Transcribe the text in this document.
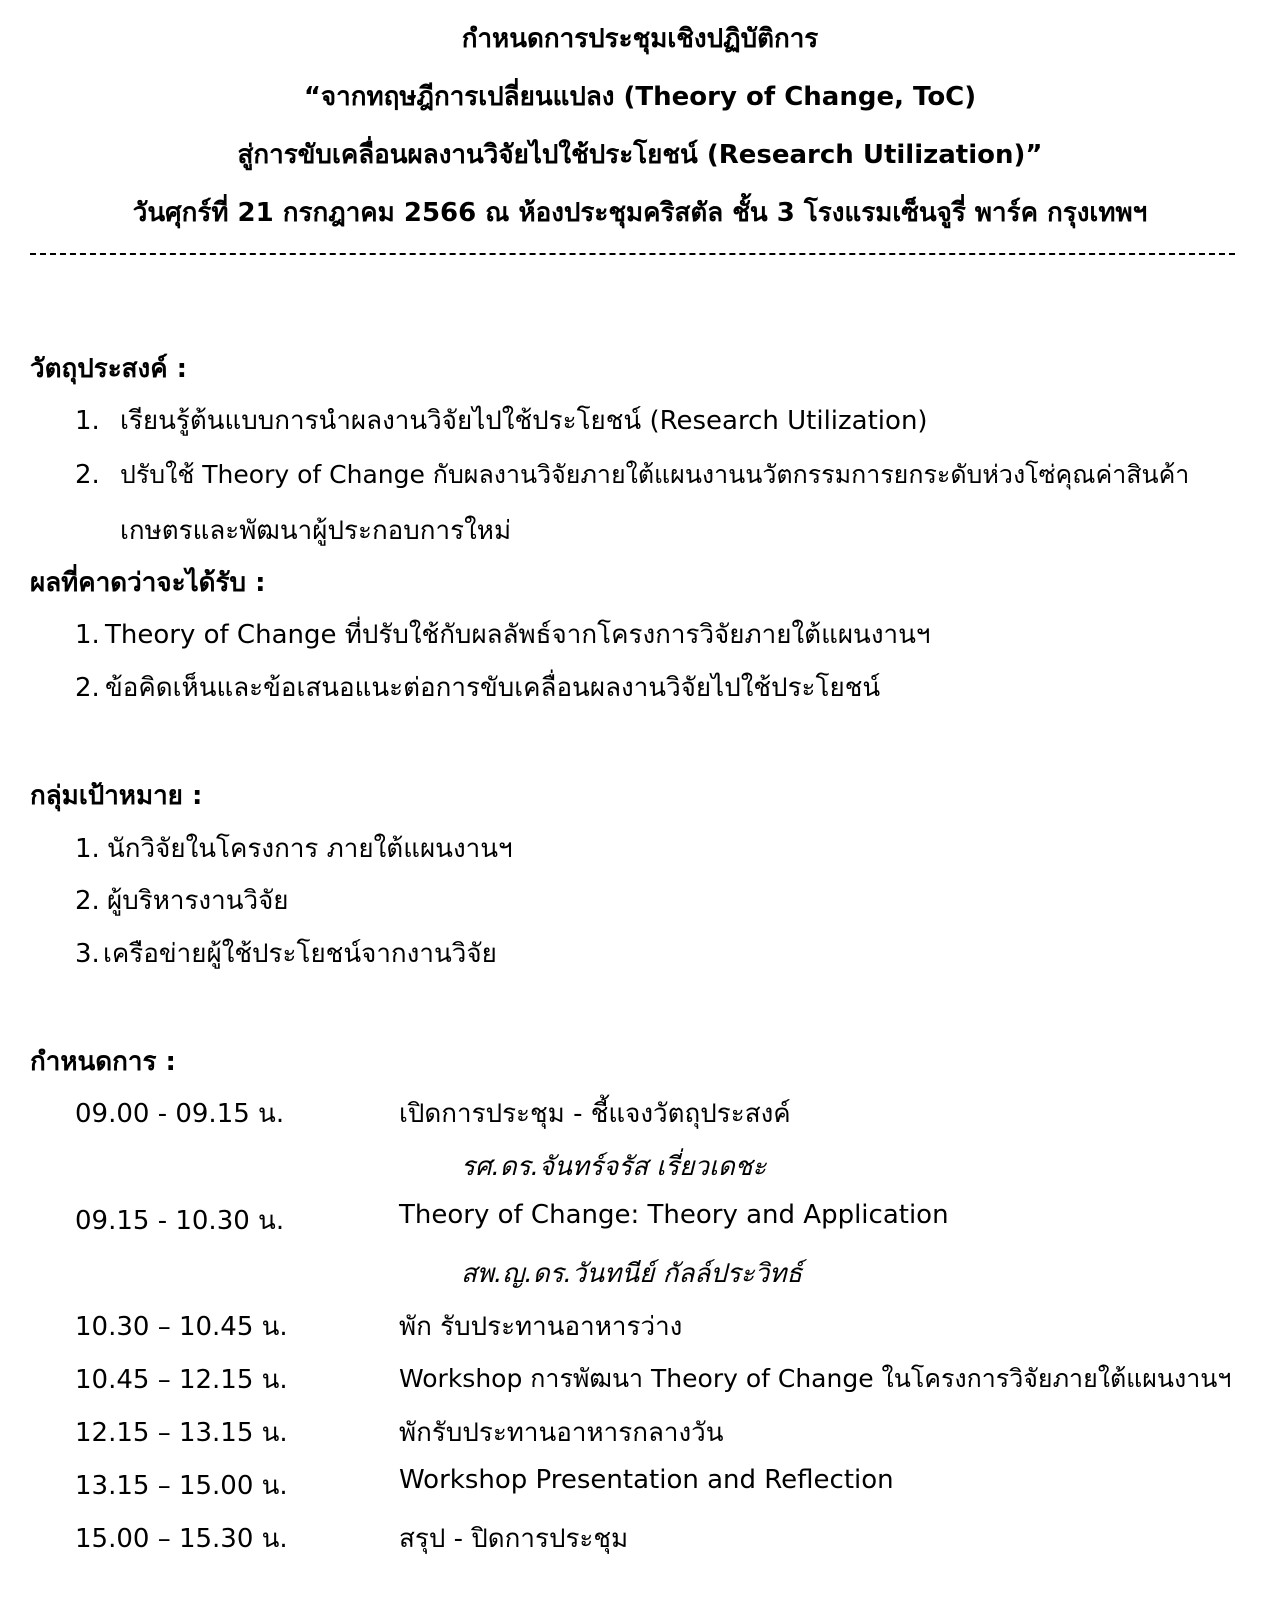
กำหนดการประชุมเชิงปฏิบัติการ
“จากทฤษฎีการเปลี่ยนแปลง (Theory of Change, ToC)
สู่การขับเคลื่อนผลงานวิจัยไปใช้ประโยชน์ (Research Utilization)”
วันศุกร์ที่ 21 กรกฎาคม 2566 ณ ห้องประชุมคริสตัล ชั้น 3 โรงแรมเซ็นจูรี่ พาร์ค กรุงเทพฯ
วัตถุประสงค์ :
1. เรียนรู้ต้นแบบการนำผลงานวิจัยไปใช้ประโยชน์ (Research Utilization)
2. ปรับใช้ Theory of Change กับผลงานวิจัยภายใต้แผนงานนวัตกรรมการยกระดับห่วงโซ่คุณค่าสินค้า
เกษตรและพัฒนาผู้ประกอบการใหม่
ผลที่คาดว่าจะได้รับ :
1. Theory of Change ที่ปรับใช้กับผลลัพธ์จากโครงการวิจัยภายใต้แผนงานฯ
2. ข้อคิดเห็นและข้อเสนอแนะต่อการขับเคลื่อนผลงานวิจัยไปใช้ประโยชน์
กลุ่มเป้าหมาย :
1. นักวิจัยในโครงการ ภายใต้แผนงานฯ
2. ผู้บริหารงานวิจัย
3. เครือข่ายผู้ใช้ประโยชน์จากงานวิจัย
กำหนดการ :
09.00 - 09.15 น.	เปิดการประชุม - ชี้แจงวัตถุประสงค์
รศ.ดร.จันทร์จรัส เรี่ยวเดชะ
09.15 - 10.30 น.	Theory of Change: Theory and Application
สพ.ญ.ดร.วันทนีย์ กัลล์ประวิทธ์
10.30 – 10.45 น.	พัก รับประทานอาหารว่าง
10.45 – 12.15 น.	Workshop การพัฒนา Theory of Change ในโครงการวิจัยภายใต้แผนงานฯ
12.15 – 13.15 น.	พักรับประทานอาหารกลางวัน
13.15 – 15.00 น.	Workshop Presentation and Reflection
15.00 – 15.30 น.	สรุป - ปิดการประชุม
